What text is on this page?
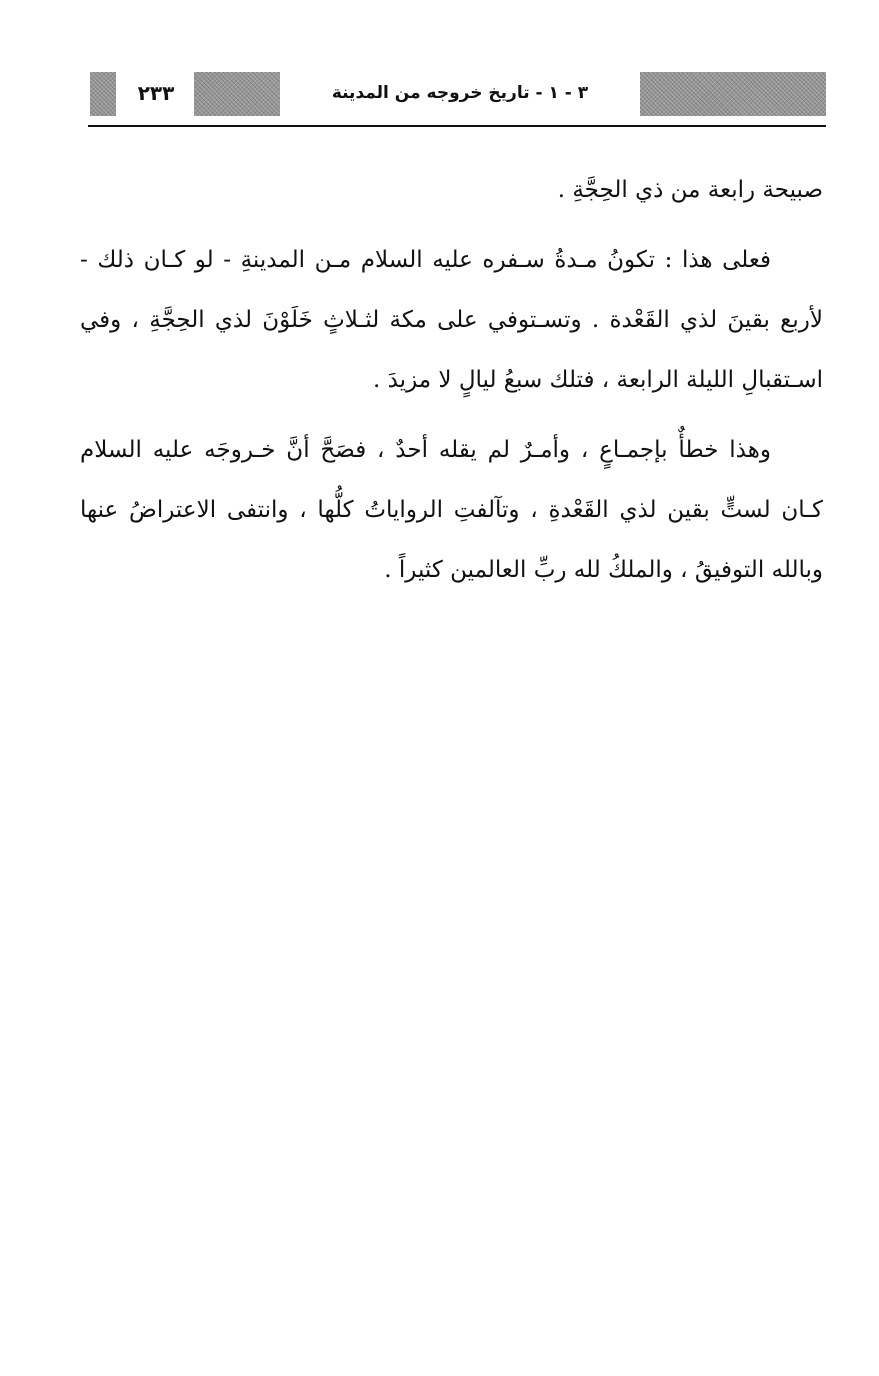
٢٣٣	٣ - ١ - تاريخ خروجه من المدينة

صبيحة رابعة من ذي الحِجَّةِ .

فعلى هذا : تكونُ مـدةُ سـفره عليه السلام مـن المدينةِ - لو كـان ذلك - لأربع بقينَ لذي القَعْدة . وتسـتوفي على مكة لثـلاثٍ خَلَوْنَ لذي الحِجَّةِ ، وفي اسـتقبالِ الليلة الرابعة ، فتلك سبعُ ليالٍ لا مزيدَ .

وهذا خطأٌ بإجمـاعٍ ، وأمـرٌ لم يقله أحدٌ ، فصَحَّ أنَّ خـروجَه عليه السلام كـان لستٍّ بقين لذي القَعْدةِ ، وتآلفتِ الرواياتُ كلُّها ، وانتفى الاعتراضُ عنها وبالله التوفيقُ ، والملكُ لله ربِّ العالمين كثيراً .
